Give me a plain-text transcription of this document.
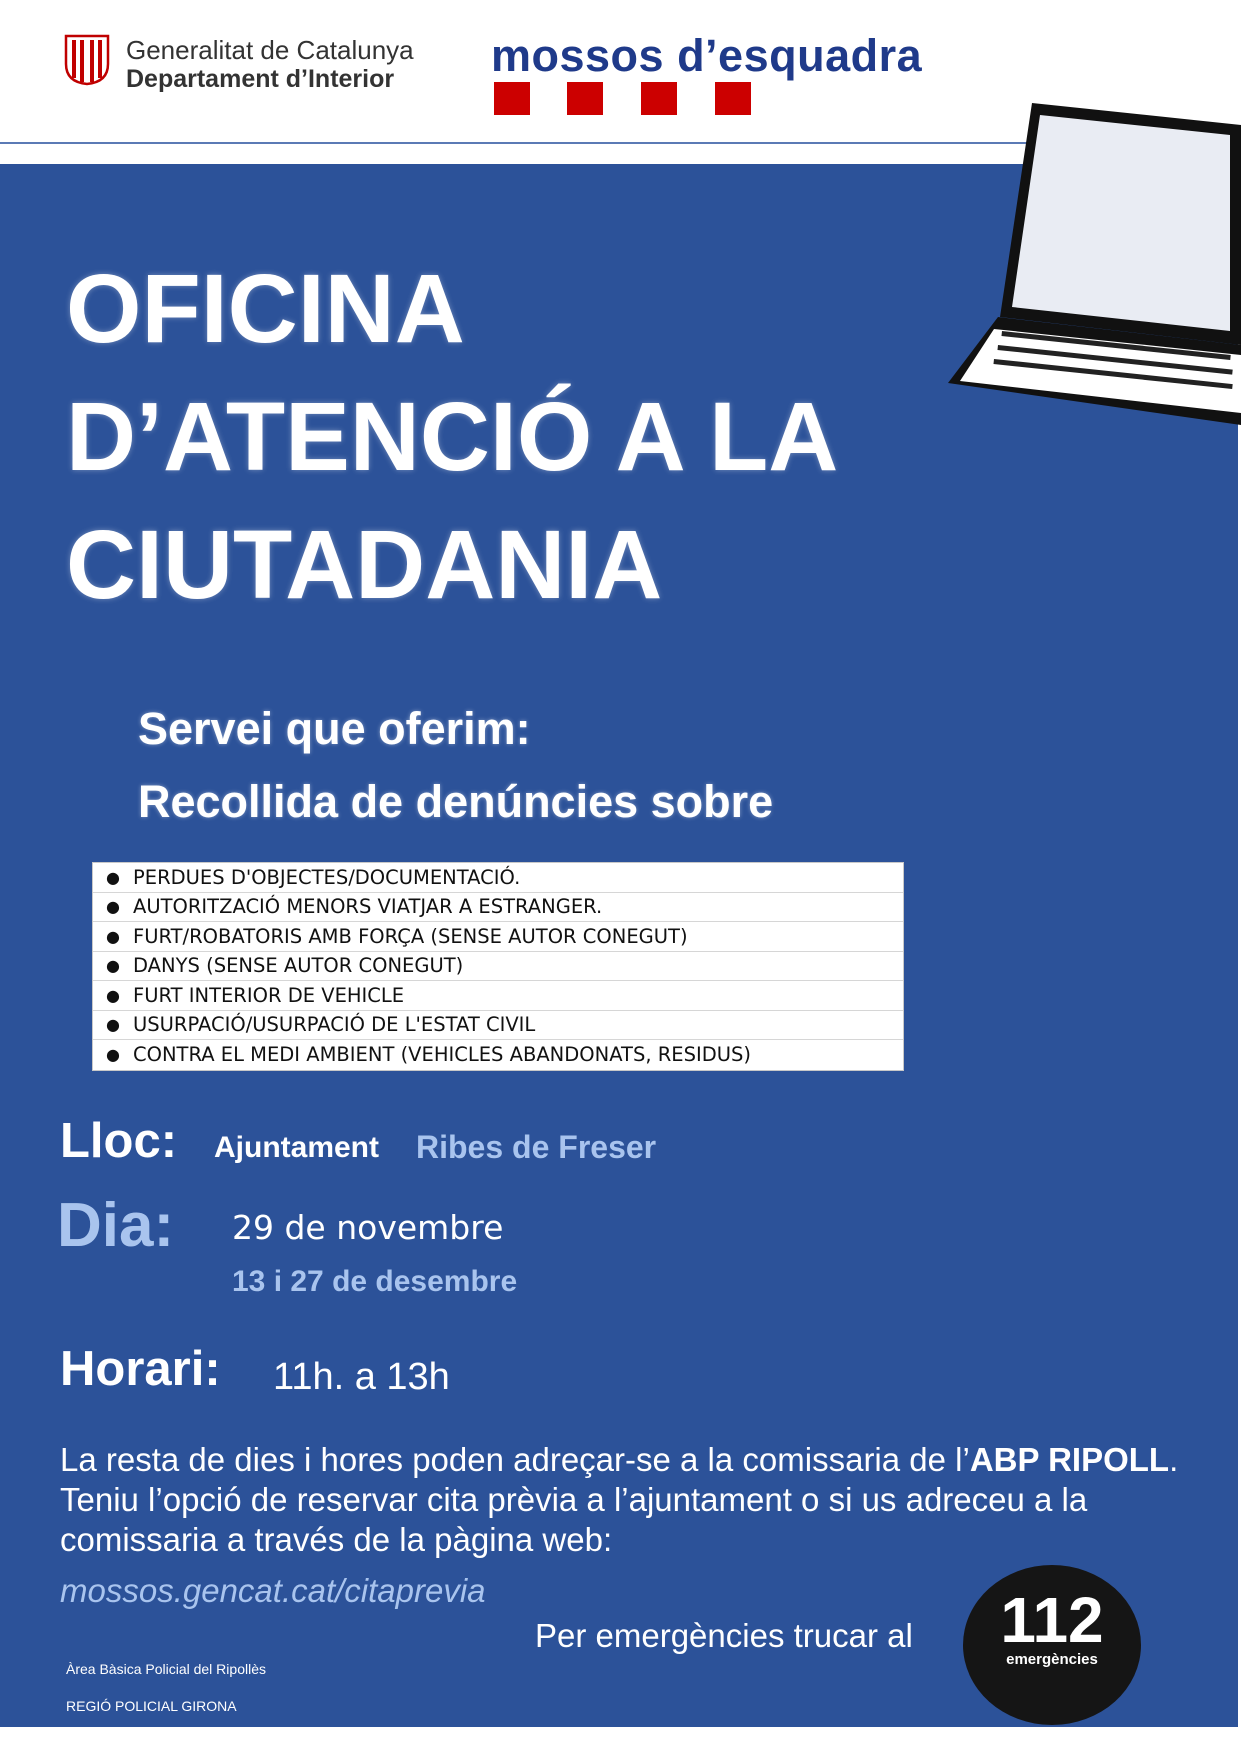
Generalitat de Catalunya
Departament d’Interior	mossos d’esquadra
OFICINA
D’ATENCIÓ A LA
CIUTADANIA
Servei que oferim:
Recollida de denúncies sobre
● PERDUES D'OBJECTES/DOCUMENTACIÓ.
● AUTORITZACIÓ MENORS VIATJAR A ESTRANGER.
● FURT/ROBATORIS AMB FORÇA (SENSE AUTOR CONEGUT)
● DANYS (SENSE AUTOR CONEGUT)
● FURT INTERIOR DE VEHICLE
● USURPACIÓ/USURPACIÓ DE L'ESTAT CIVIL
● CONTRA EL MEDI AMBIENT (VEHICLES ABANDONATS, RESIDUS)
Lloc: Ajuntament Ribes de Freser
Dia: 29 de novembre
13 i 27 de desembre
Horari: 11h. a 13h
La resta de dies i hores poden adreçar-se a la comissaria de l’ABP RIPOLL. Teniu l’opció de reservar cita prèvia a l’ajuntament o si us adreceu a la comissaria a través de la pàgina web:
mossos.gencat.cat/citaprevia
Per emergències trucar al	112
emergències
Àrea Bàsica Policial del Ripollès
REGIÓ POLICIAL GIRONA
